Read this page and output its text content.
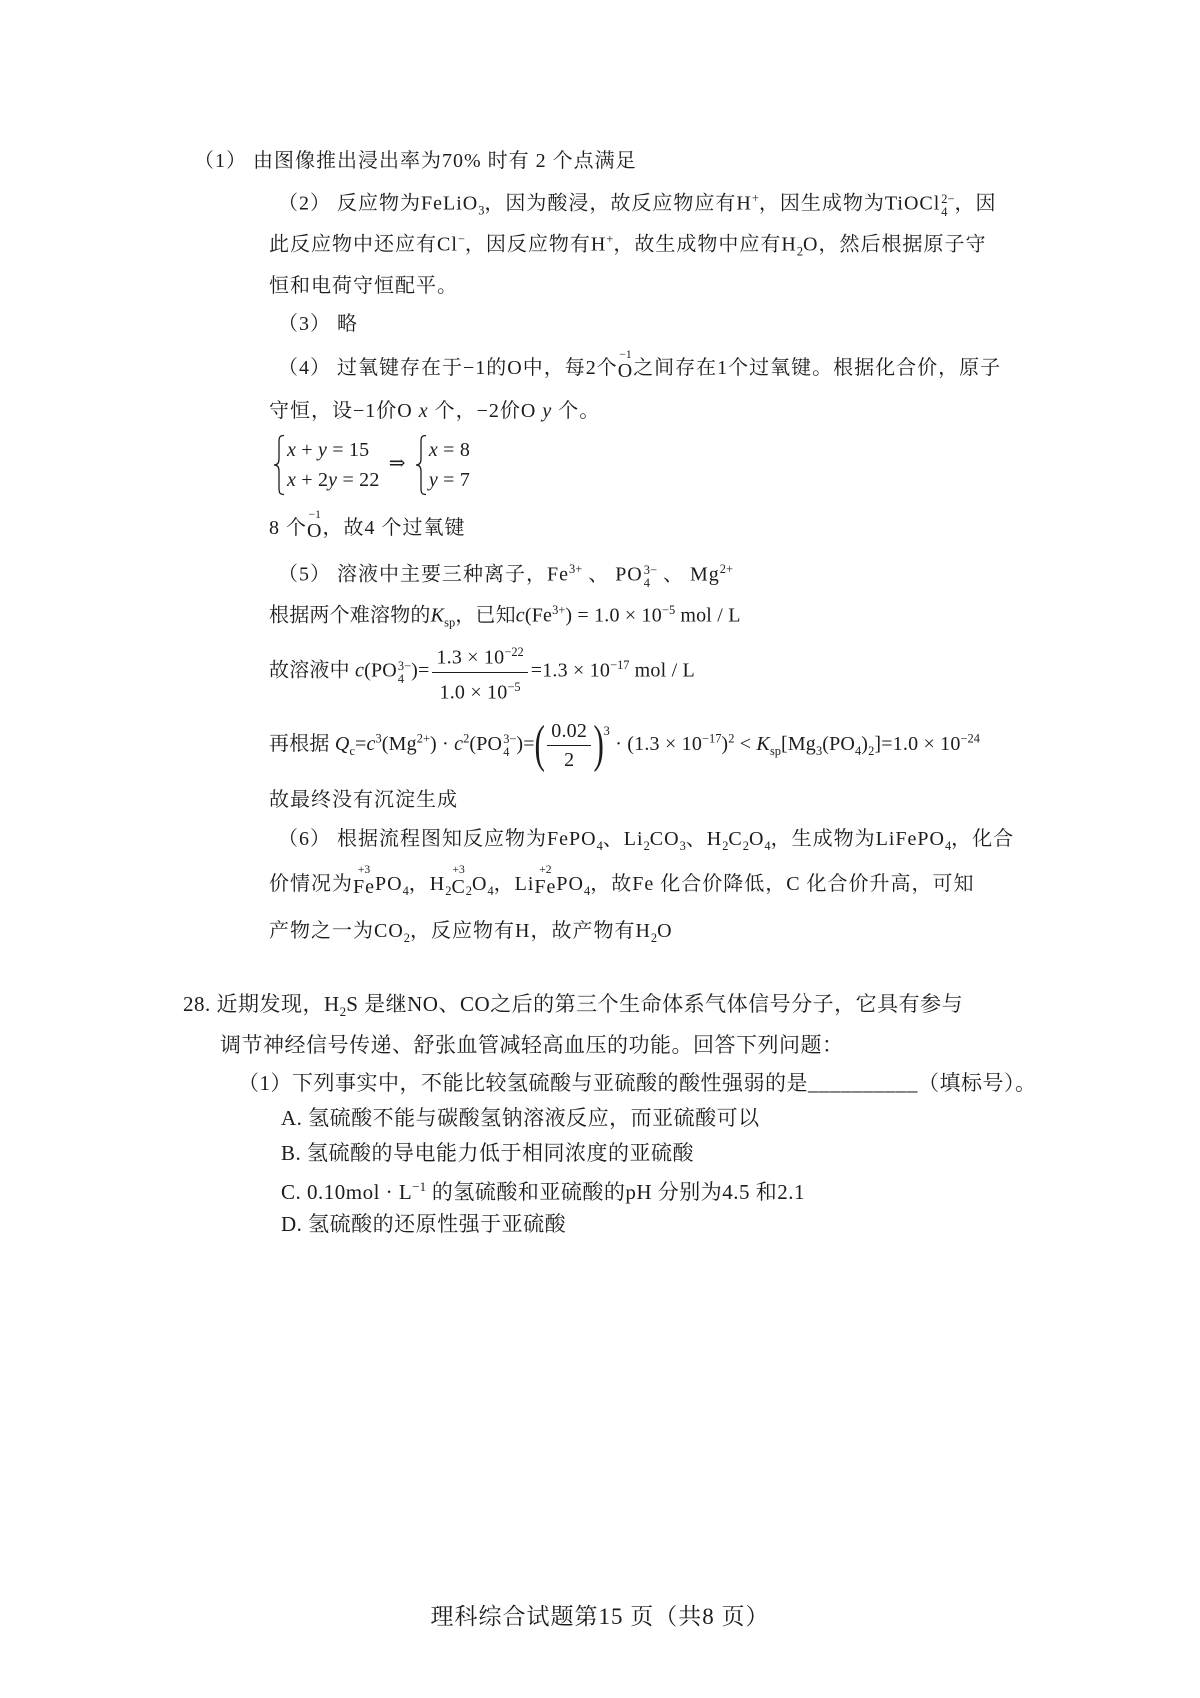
（1） 由图像推出浸出率为70% 时有 2 个点满足
（2） 反应物为FeLiO$_3$，因为酸浸，故反应物应有H+，因生成物为TiOCl 2−
4 ，因
此反应物中还应有Cl−，因反应物有H+，故生成物中应有$H_2O$，然后根据原子守
恒和电荷守恒配平。
（3） 略
（4） 过氧键存在于−1的O中，每2个O
−1
之间存在1个过氧键。根据化合价，原子
守恒，设−1价O x 个，−2价O y 个。
x + y = 15
x + 2y = 22
⇒
x = 8
y = 7
8 个O
−1
，故4 个过氧键
（5） 溶液中主要三种离子，$Fe^{3+}$ 、 PO 3−
4 、 $Mg^{2+}$
根据两个难溶物的$K_{sp}$，已知$c(Fe^{3+}) = 1.0 \times 10^{-5}$ mol / L
故溶液中 c(PO 3−
4 )= $\frac{1.3 \times 10^{-22}}{1.0 \times 10^{-5}} =1.3 \times 10^{-17}$ mol / L
再根据 $Q_c=c^3(Mg^{2+}) \cdot c^2(PO$ 3−
4 )= ( $\frac{0.02}{2}$ ) 3
· $(1.3 \times 10^{-17})^2 < K_{sp}[Mg_3(PO_4)_2]=1.0 \times 10^{-24}$
故最终没有沉淀生成
（6） 根据流程图知反应物为FePO$_4$、$Li_2CO_3$、$H_2C_2O_4$，生成物为LiFePO$_4$，化合
价情况为Fe
+3
$PO_4$，$H_2C$
+3
$_2O_4$，LiFe
+2
$PO_4$，故Fe 化合价降低，C 化合价升高，可知
产物之一为$CO_2$，反应物有H，故产物有$H_2O$
28. 近期发现，$H_2S$ 是继NO、CO之后的第三个生命体系气体信号分子，它具有参与
调节神经信号传递、舒张血管减轻高血压的功能。回答下列问题：
（1）下列事实中，不能比较氢硫酸与亚硫酸的酸性强弱的是__________（填标号）。
A. 氢硫酸不能与碳酸氢钠溶液反应，而亚硫酸可以
B. 氢硫酸的导电能力低于相同浓度的亚硫酸
C. $0.10mol \cdot L^{-1}$ 的氢硫酸和亚硫酸的pH 分别为4.5 和2.1
D. 氢硫酸的还原性强于亚硫酸
理科综合试题第15 页（共8 页）
